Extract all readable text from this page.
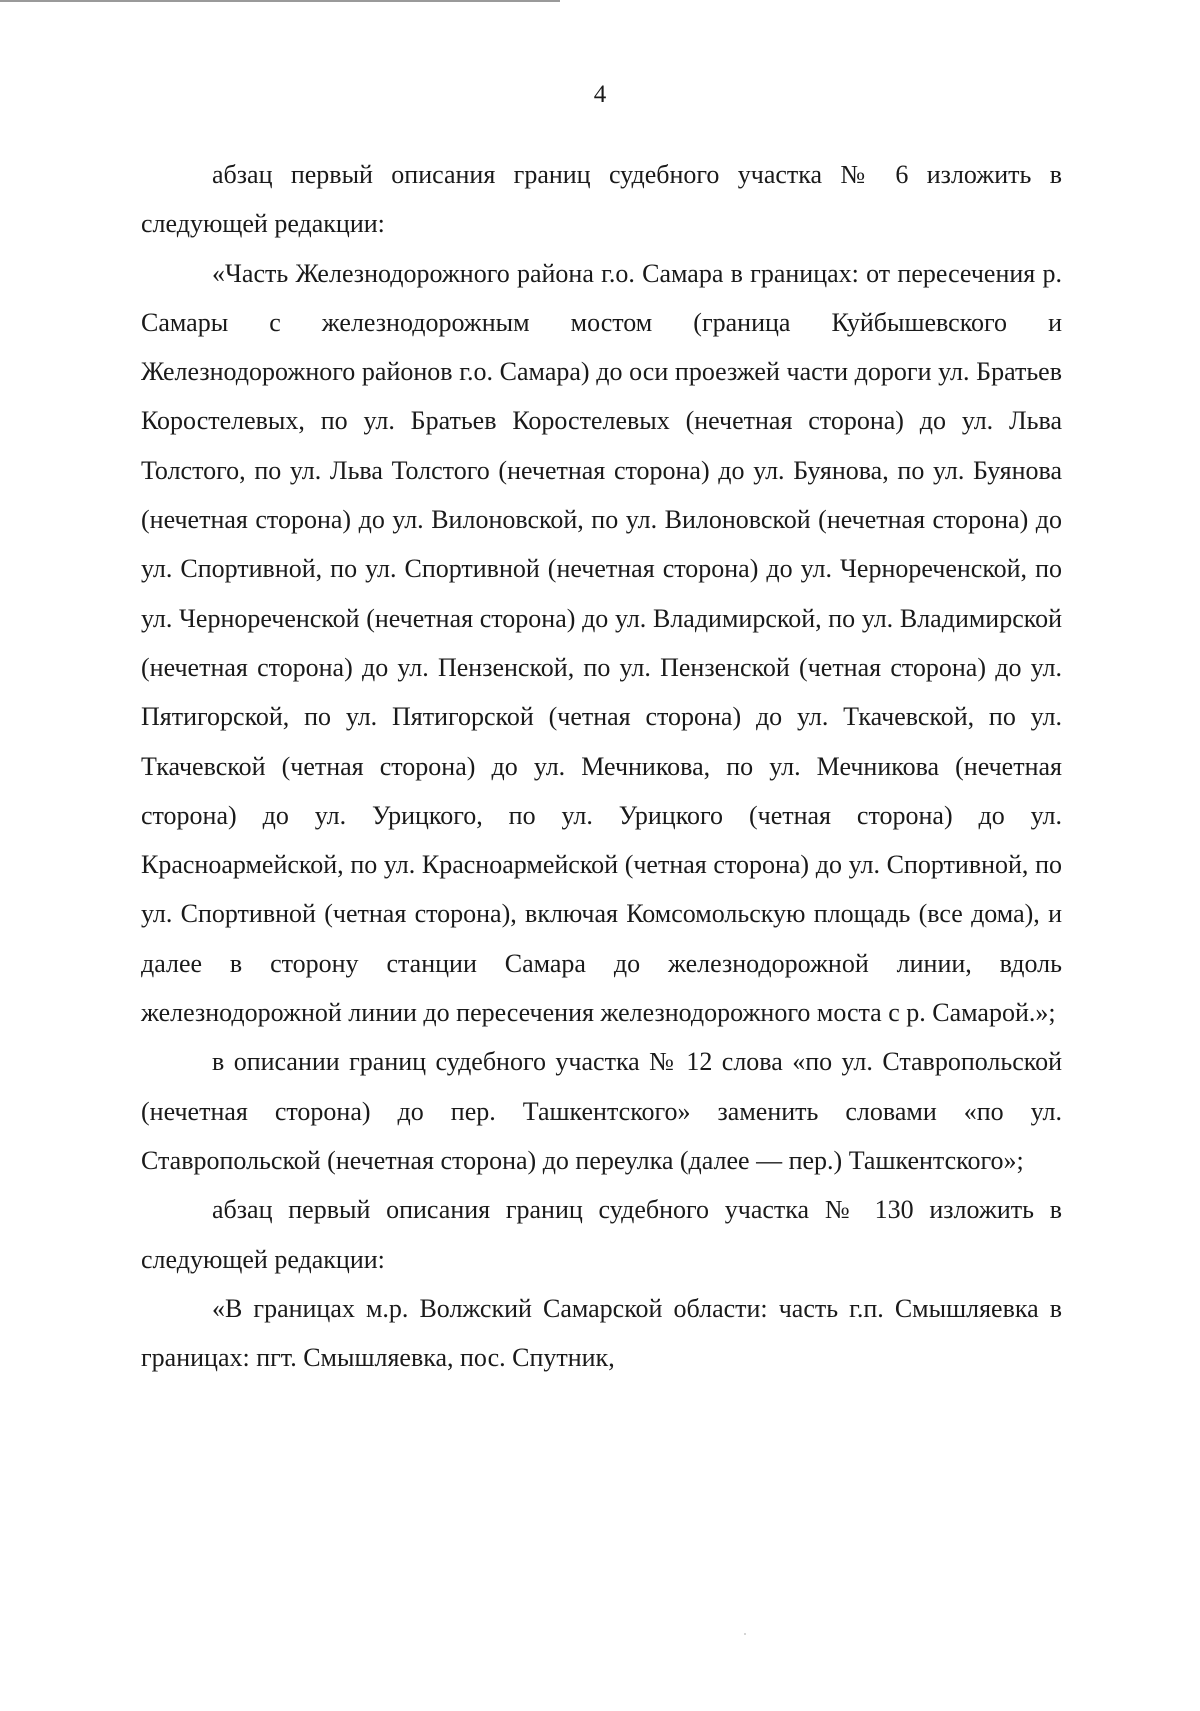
4

абзац первый описания границ судебного участка № 6 изложить в следующей редакции:

«Часть Железнодорожного района г.о. Самара в границах: от пересечения р. Самары с железнодорожным мостом (граница Куйбышевского и Железнодорожного районов г.о. Самара) до оси проезжей части дороги ул. Братьев Коростелевых, по ул. Братьев Коростелевых (нечетная сторона) до ул. Льва Толстого, по ул. Льва Толстого (нечетная сторона) до ул. Буянова, по ул. Буянова (нечетная сторона) до ул. Вилоновской, по ул. Вилоновской (нечетная сторона) до ул. Спортивной, по ул. Спортивной (нечетная сторона) до ул. Чернореченской, по ул. Чернореченской (нечетная сторона) до ул. Владимирской, по ул. Владимирской (нечетная сторона) до ул. Пензенской, по ул. Пензенской (четная сторона) до ул. Пятигорской, по ул. Пятигорской (четная сторона) до ул. Ткачевской, по ул. Ткачевской (четная сторона) до ул. Мечникова, по ул. Мечникова (нечетная сторона) до ул. Урицкого, по ул. Урицкого (четная сторона) до ул. Красноармейской, по ул. Красноармейской (четная сторона) до ул. Спортивной, по ул. Спортивной (четная сторона), включая Комсомольскую площадь (все дома), и далее в сторону станции Самара до железнодорожной линии, вдоль железнодорожной линии до пересечения железнодорожного моста с р. Самарой.»;

в описании границ судебного участка № 12 слова «по ул. Ставропольской (нечетная сторона) до пер. Ташкентского» заменить словами «по ул. Ставропольской (нечетная сторона) до переулка (далее — пер.) Ташкентского»;

абзац первый описания границ судебного участка № 130 изложить в следующей редакции:

«В границах м.р. Волжский Самарской области: часть г.п. Смышляевка в границах: пгт. Смышляевка, пос. Спутник,
